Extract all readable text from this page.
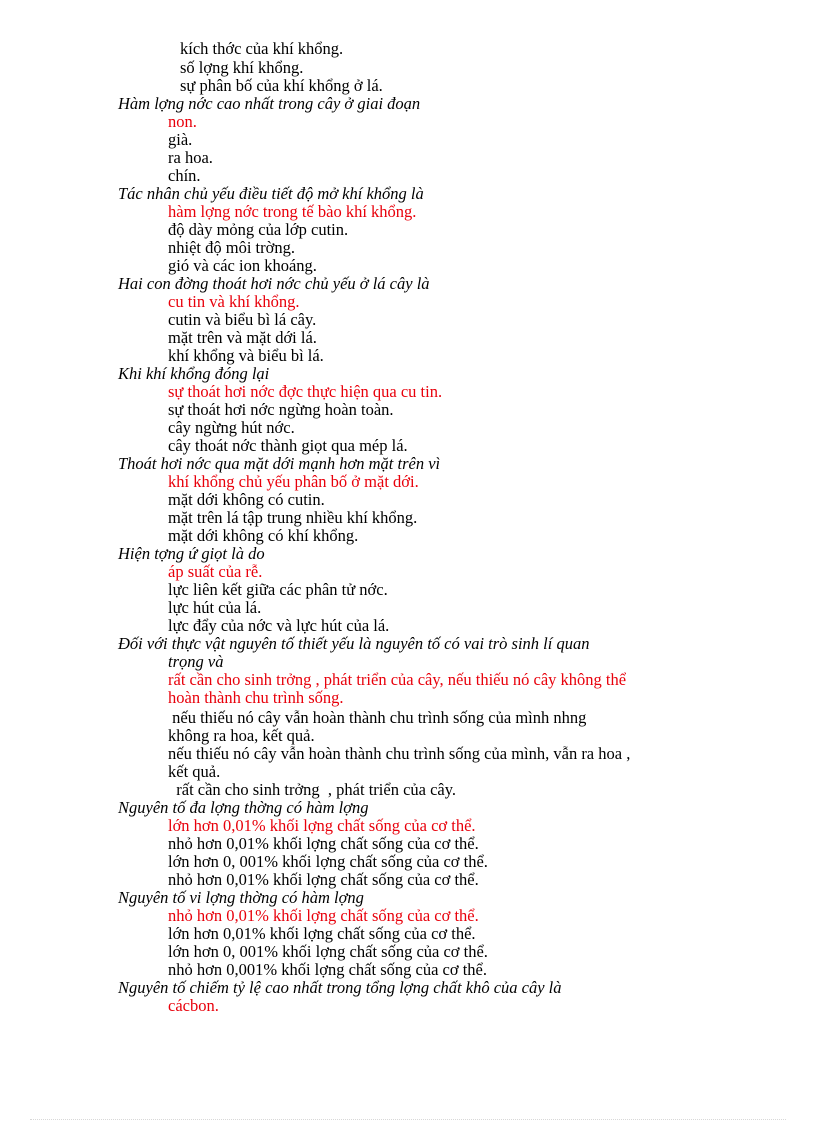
kích thớc của khí khổng.
số lợng khí khổng.
sự phân bố của khí khổng ở lá.
Hàm lợng nớc cao nhất trong cây ở giai đoạn
non.
già.
ra hoa.
chín.
Tác nhân chủ yếu điều tiết độ mở khí khổng là
hàm lợng nớc trong tế bào khí khổng.
độ dày mỏng của lớp cutin.
nhiệt độ môi trờng.
gió và các ion khoáng.
Hai con đờng thoát hơi nớc chủ yếu ở lá cây là
cu tin và khí khổng.
cutin và biểu bì lá cây.
mặt trên và mặt dới lá.
khí khổng và biểu bì lá.
Khi khí khổng đóng lại
sự thoát hơi nớc đợc thực hiện qua cu tin.
sự thoát hơi nớc ngừng hoàn toàn.
cây ngừng hút nớc.
cây thoát nớc thành giọt qua mép lá.
Thoát hơi nớc qua mặt dới mạnh hơn mặt trên vì
khí khổng chủ yếu phân bố ở mặt dới.
mặt dới không có cutin.
mặt trên lá tập trung nhiều khí khổng.
mặt dới không có khí khổng.
Hiện tợng ứ giọt là do
áp suất của rễ.
lực liên kết giữa các phân tử nớc.
lực hút của lá.
lực đẩy của nớc và lực hút của lá.
Đối với thực vật nguyên tố thiết yếu là nguyên tố có vai trò sinh lí quan
trọng và
rất cần cho sinh trởng , phát triển của cây, nếu thiếu nó cây không thể
hoàn thành chu trình sống.
nếu thiếu nó cây vẫn hoàn thành chu trình sống của mình nhng
không ra hoa, kết quả.
nếu thiếu nó cây vẫn hoàn thành chu trình sống của mình, vẫn ra hoa ,
kết quả.
rất cần cho sinh trởng  , phát triển của cây.
Nguyên tố đa lợng thờng có hàm lợng
lớn hơn 0,01% khối lợng chất sống của cơ thể.
nhỏ hơn 0,01% khối lợng chất sống của cơ thể.
lớn hơn 0, 001% khối lợng chất sống của cơ thể.
nhỏ hơn 0,01% khối lợng chất sống của cơ thể.
Nguyên tố vi lợng thờng có hàm lợng
nhỏ hơn 0,01% khối lợng chất sống của cơ thể.
lớn hơn 0,01% khối lợng chất sống của cơ thể.
lớn hơn 0, 001% khối lợng chất sống của cơ thể.
nhỏ hơn 0,001% khối lợng chất sống của cơ thể.
Nguyên tố chiếm tỷ lệ cao nhất trong tổng lợng chất khô của cây là
cácbon.
